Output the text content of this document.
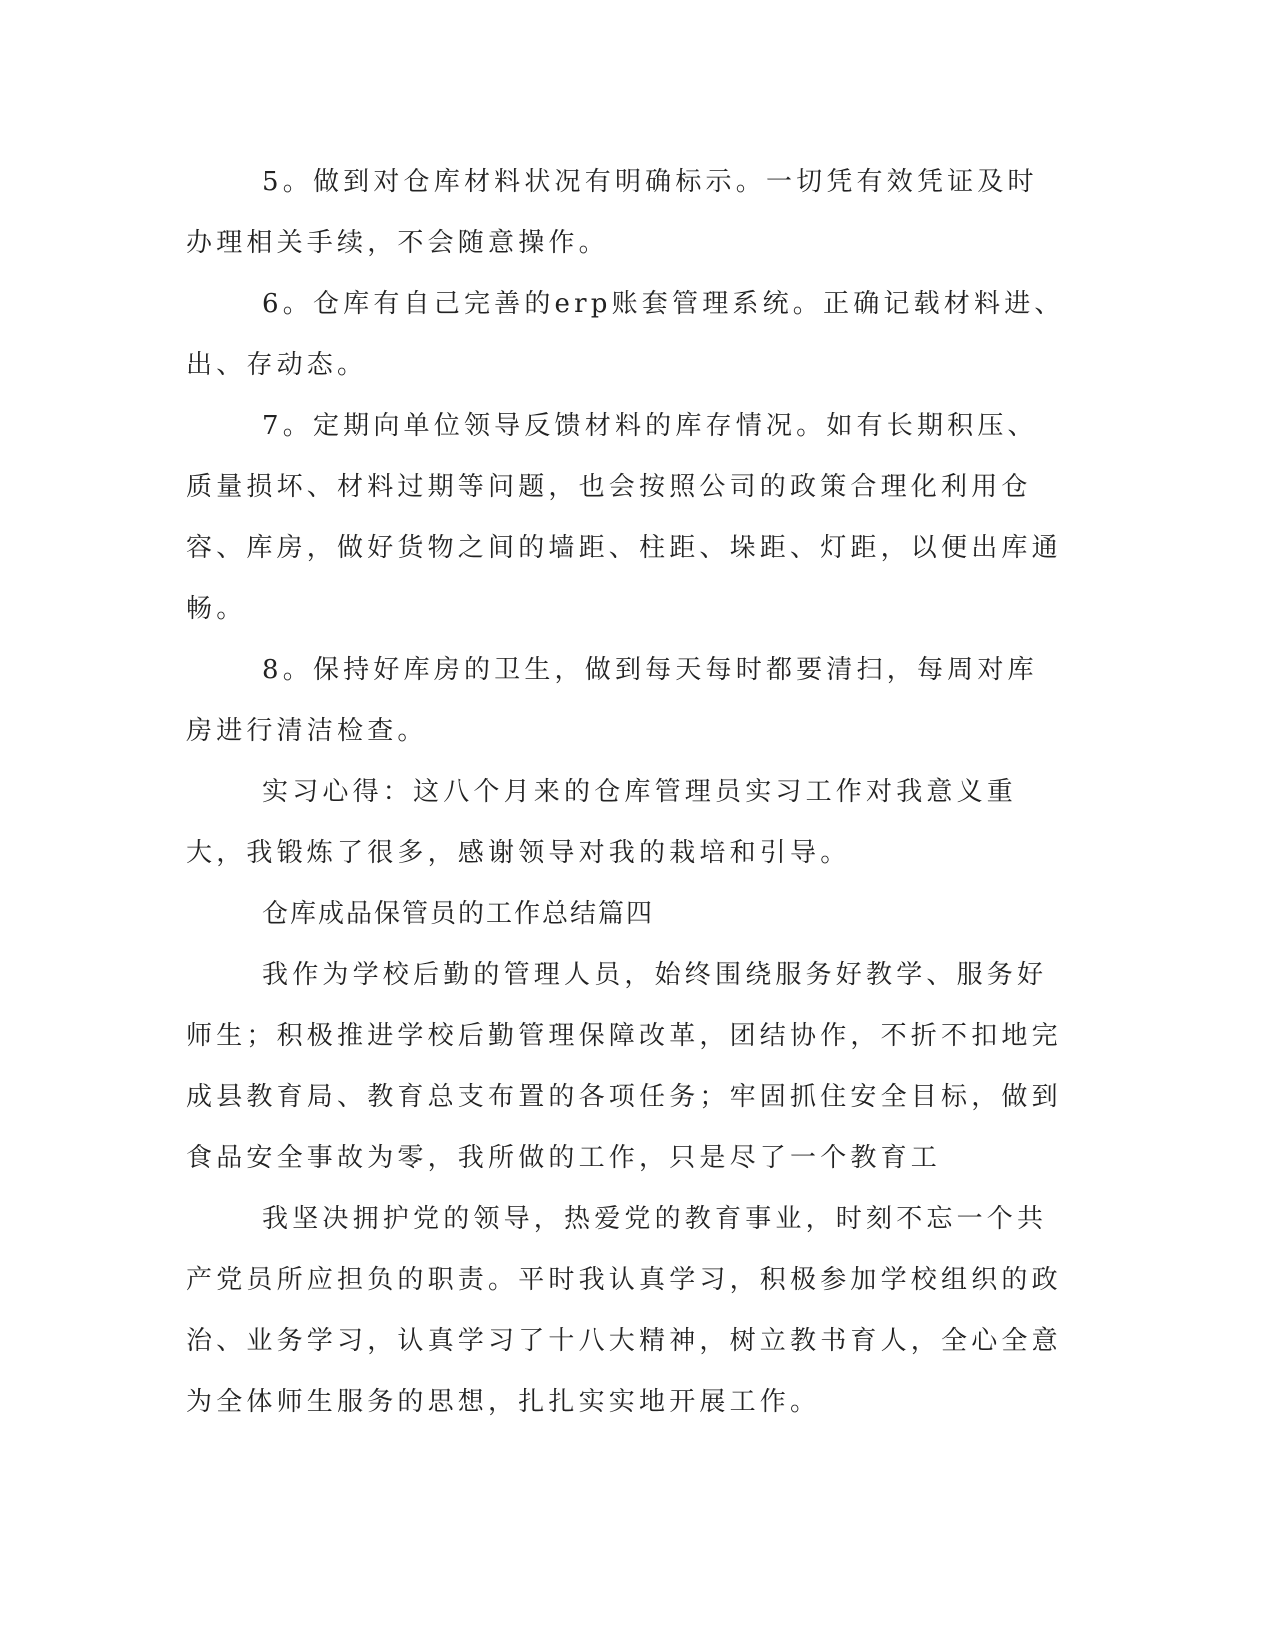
5。做到对仓库材料状况有明确标示。一切凭有效凭证及时办理相关手续，不会随意操作。

6。仓库有自己完善的erp账套管理系统。正确记载材料进、出、存动态。

7。定期向单位领导反馈材料的库存情况。如有长期积压、质量损坏、材料过期等问题，也会按照公司的政策合理化利用仓容、库房，做好货物之间的墙距、柱距、垛距、灯距，以便出库通畅。

8。保持好库房的卫生，做到每天每时都要清扫，每周对库房进行清洁检查。

实习心得：这八个月来的仓库管理员实习工作对我意义重大，我锻炼了很多，感谢领导对我的栽培和引导。

仓库成品保管员的工作总结篇四

我作为学校后勤的管理人员，始终围绕服务好教学、服务好师生；积极推进学校后勤管理保障改革，团结协作，不折不扣地完成县教育局、教育总支布置的各项任务；牢固抓住安全目标，做到食品安全事故为零，我所做的工作，只是尽了一个教育工

我坚决拥护党的领导，热爱党的教育事业，时刻不忘一个共产党员所应担负的职责。平时我认真学习，积极参加学校组织的政治、业务学习，认真学习了十八大精神，树立教书育人，全心全意为全体师生服务的思想，扎扎实实地开展工作。
